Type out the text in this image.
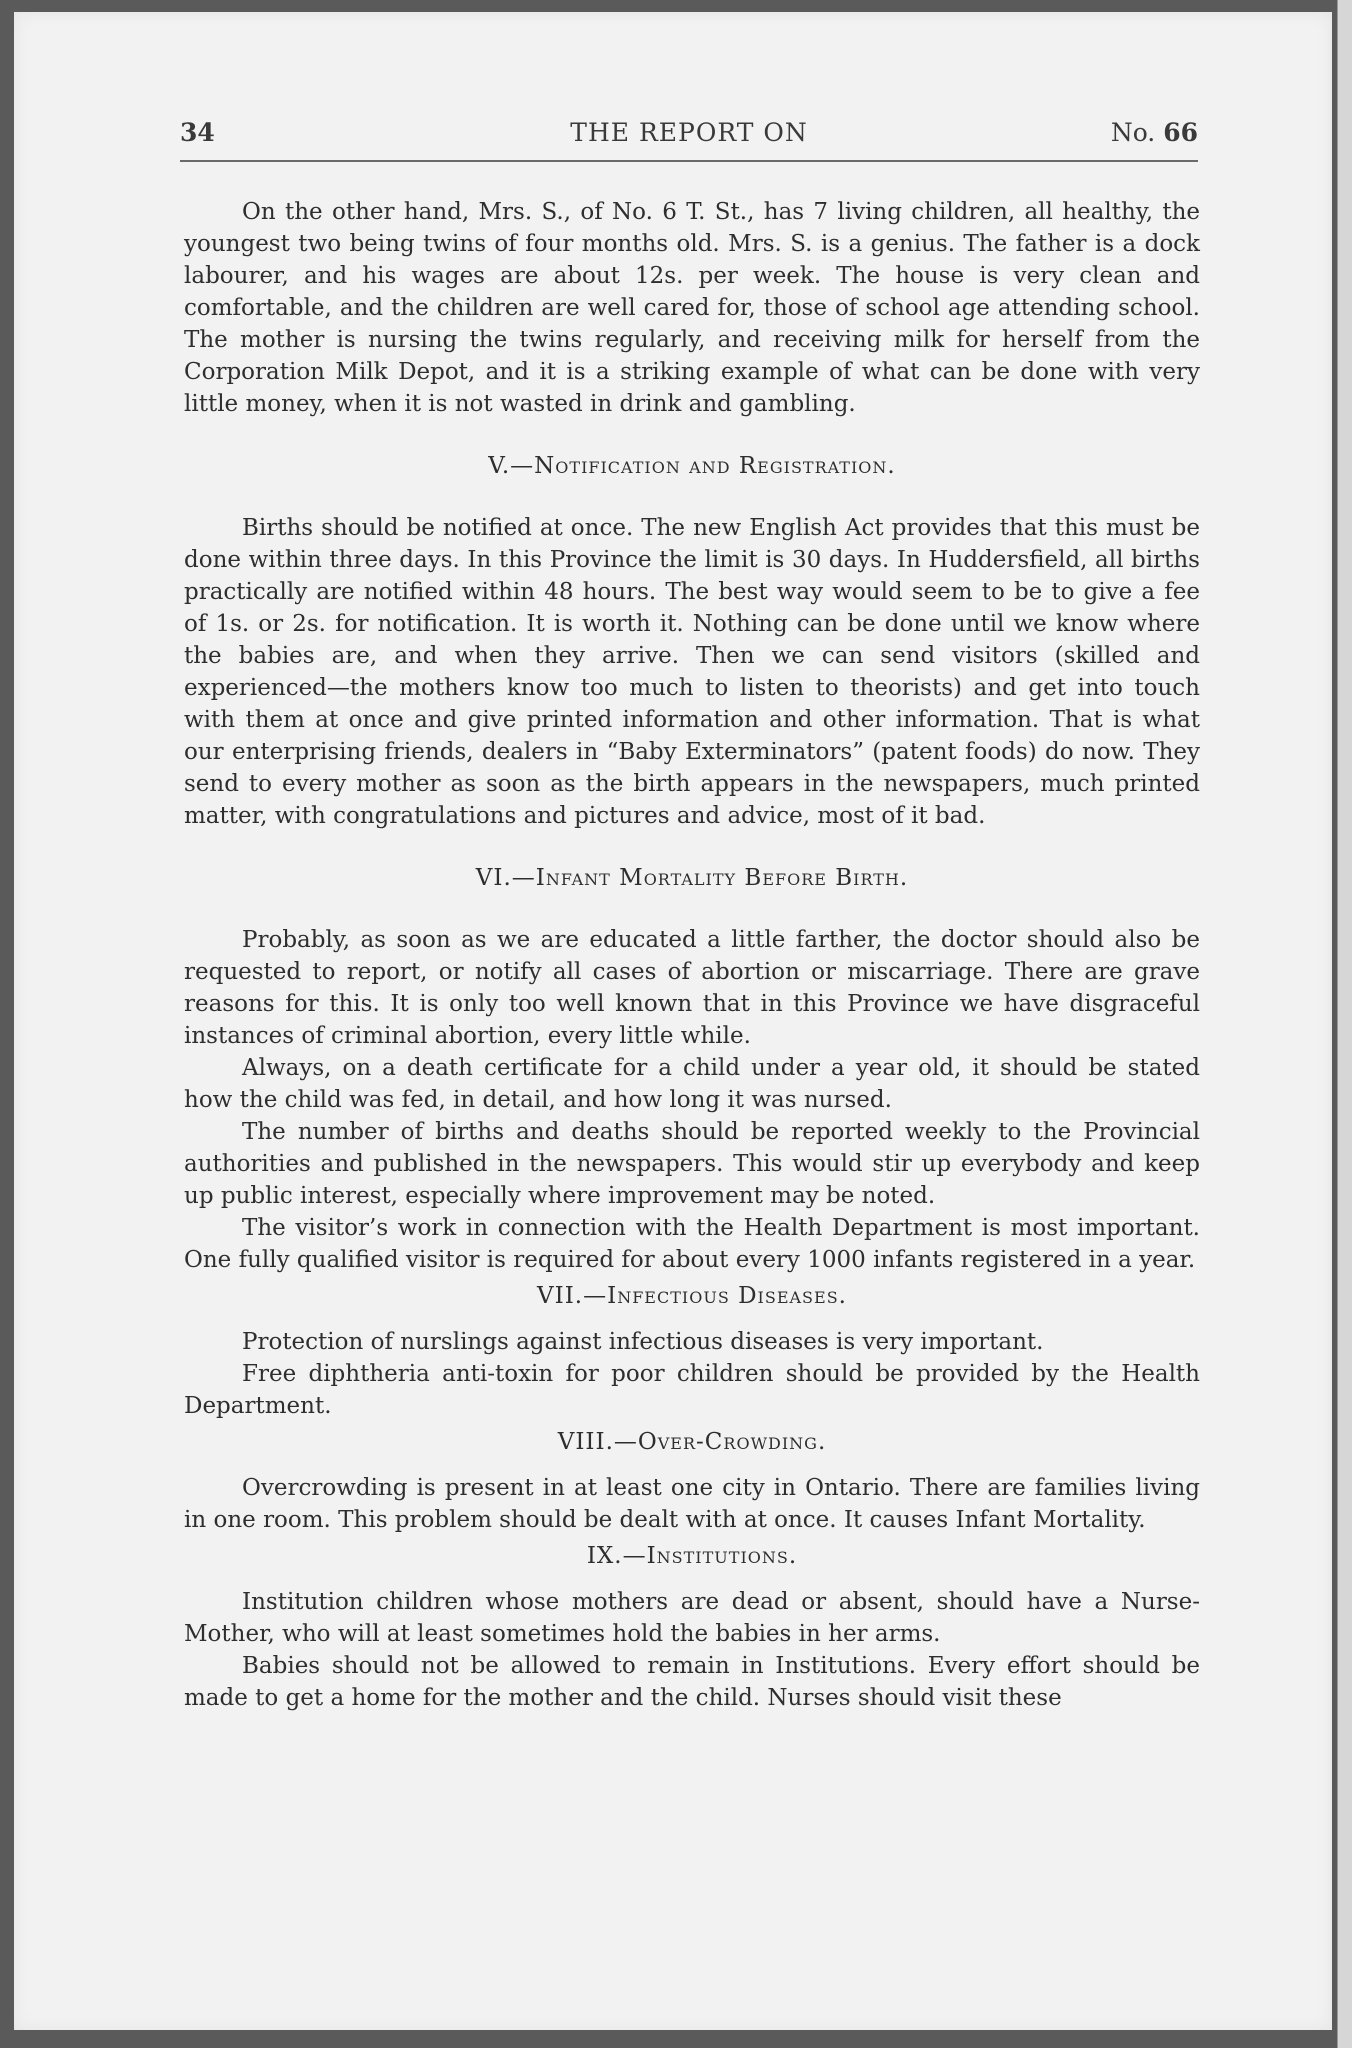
34	THE REPORT ON	No. 66

On the other hand, Mrs. S., of No. 6 T. St., has 7 living children, all healthy, the youngest two being twins of four months old. Mrs. S. is a genius. The father is a dock labourer, and his wages are about 12s. per week. The house is very clean and comfortable, and the children are well cared for, those of school age attending school. The mother is nursing the twins regularly, and receiving milk for herself from the Corporation Milk Depot, and it is a striking example of what can be done with very little money, when it is not wasted in drink and gambling.

V.—Notification and Registration.

Births should be notified at once. The new English Act provides that this must be done within three days. In this Province the limit is 30 days. In Huddersfield, all births practically are notified within 48 hours. The best way would seem to be to give a fee of 1s. or 2s. for notification. It is worth it. Nothing can be done until we know where the babies are, and when they arrive. Then we can send visitors (skilled and experienced—the mothers know too much to listen to theorists) and get into touch with them at once and give printed information and other information. That is what our enterprising friends, dealers in “Baby Exterminators” (patent foods) do now. They send to every mother as soon as the birth appears in the newspapers, much printed matter, with congratulations and pictures and advice, most of it bad.

VI.—Infant Mortality Before Birth.

Probably, as soon as we are educated a little farther, the doctor should also be requested to report, or notify all cases of abortion or miscarriage. There are grave reasons for this. It is only too well known that in this Province we have disgraceful instances of criminal abortion, every little while.

Always, on a death certificate for a child under a year old, it should be stated how the child was fed, in detail, and how long it was nursed.

The number of births and deaths should be reported weekly to the Provincial authorities and published in the newspapers. This would stir up everybody and keep up public interest, especially where improvement may be noted.

The visitor’s work in connection with the Health Department is most important. One fully qualified visitor is required for about every 1000 infants registered in a year.

VII.—Infectious Diseases.

Protection of nurslings against infectious diseases is very important.

Free diphtheria anti-toxin for poor children should be provided by the Health Department.

VIII.—Over-Crowding.

Overcrowding is present in at least one city in Ontario. There are families living in one room. This problem should be dealt with at once. It causes Infant Mortality.

IX.—Institutions.

Institution children whose mothers are dead or absent, should have a Nurse-Mother, who will at least sometimes hold the babies in her arms.

Babies should not be allowed to remain in Institutions. Every effort should be made to get a home for the mother and the child. Nurses should visit these
